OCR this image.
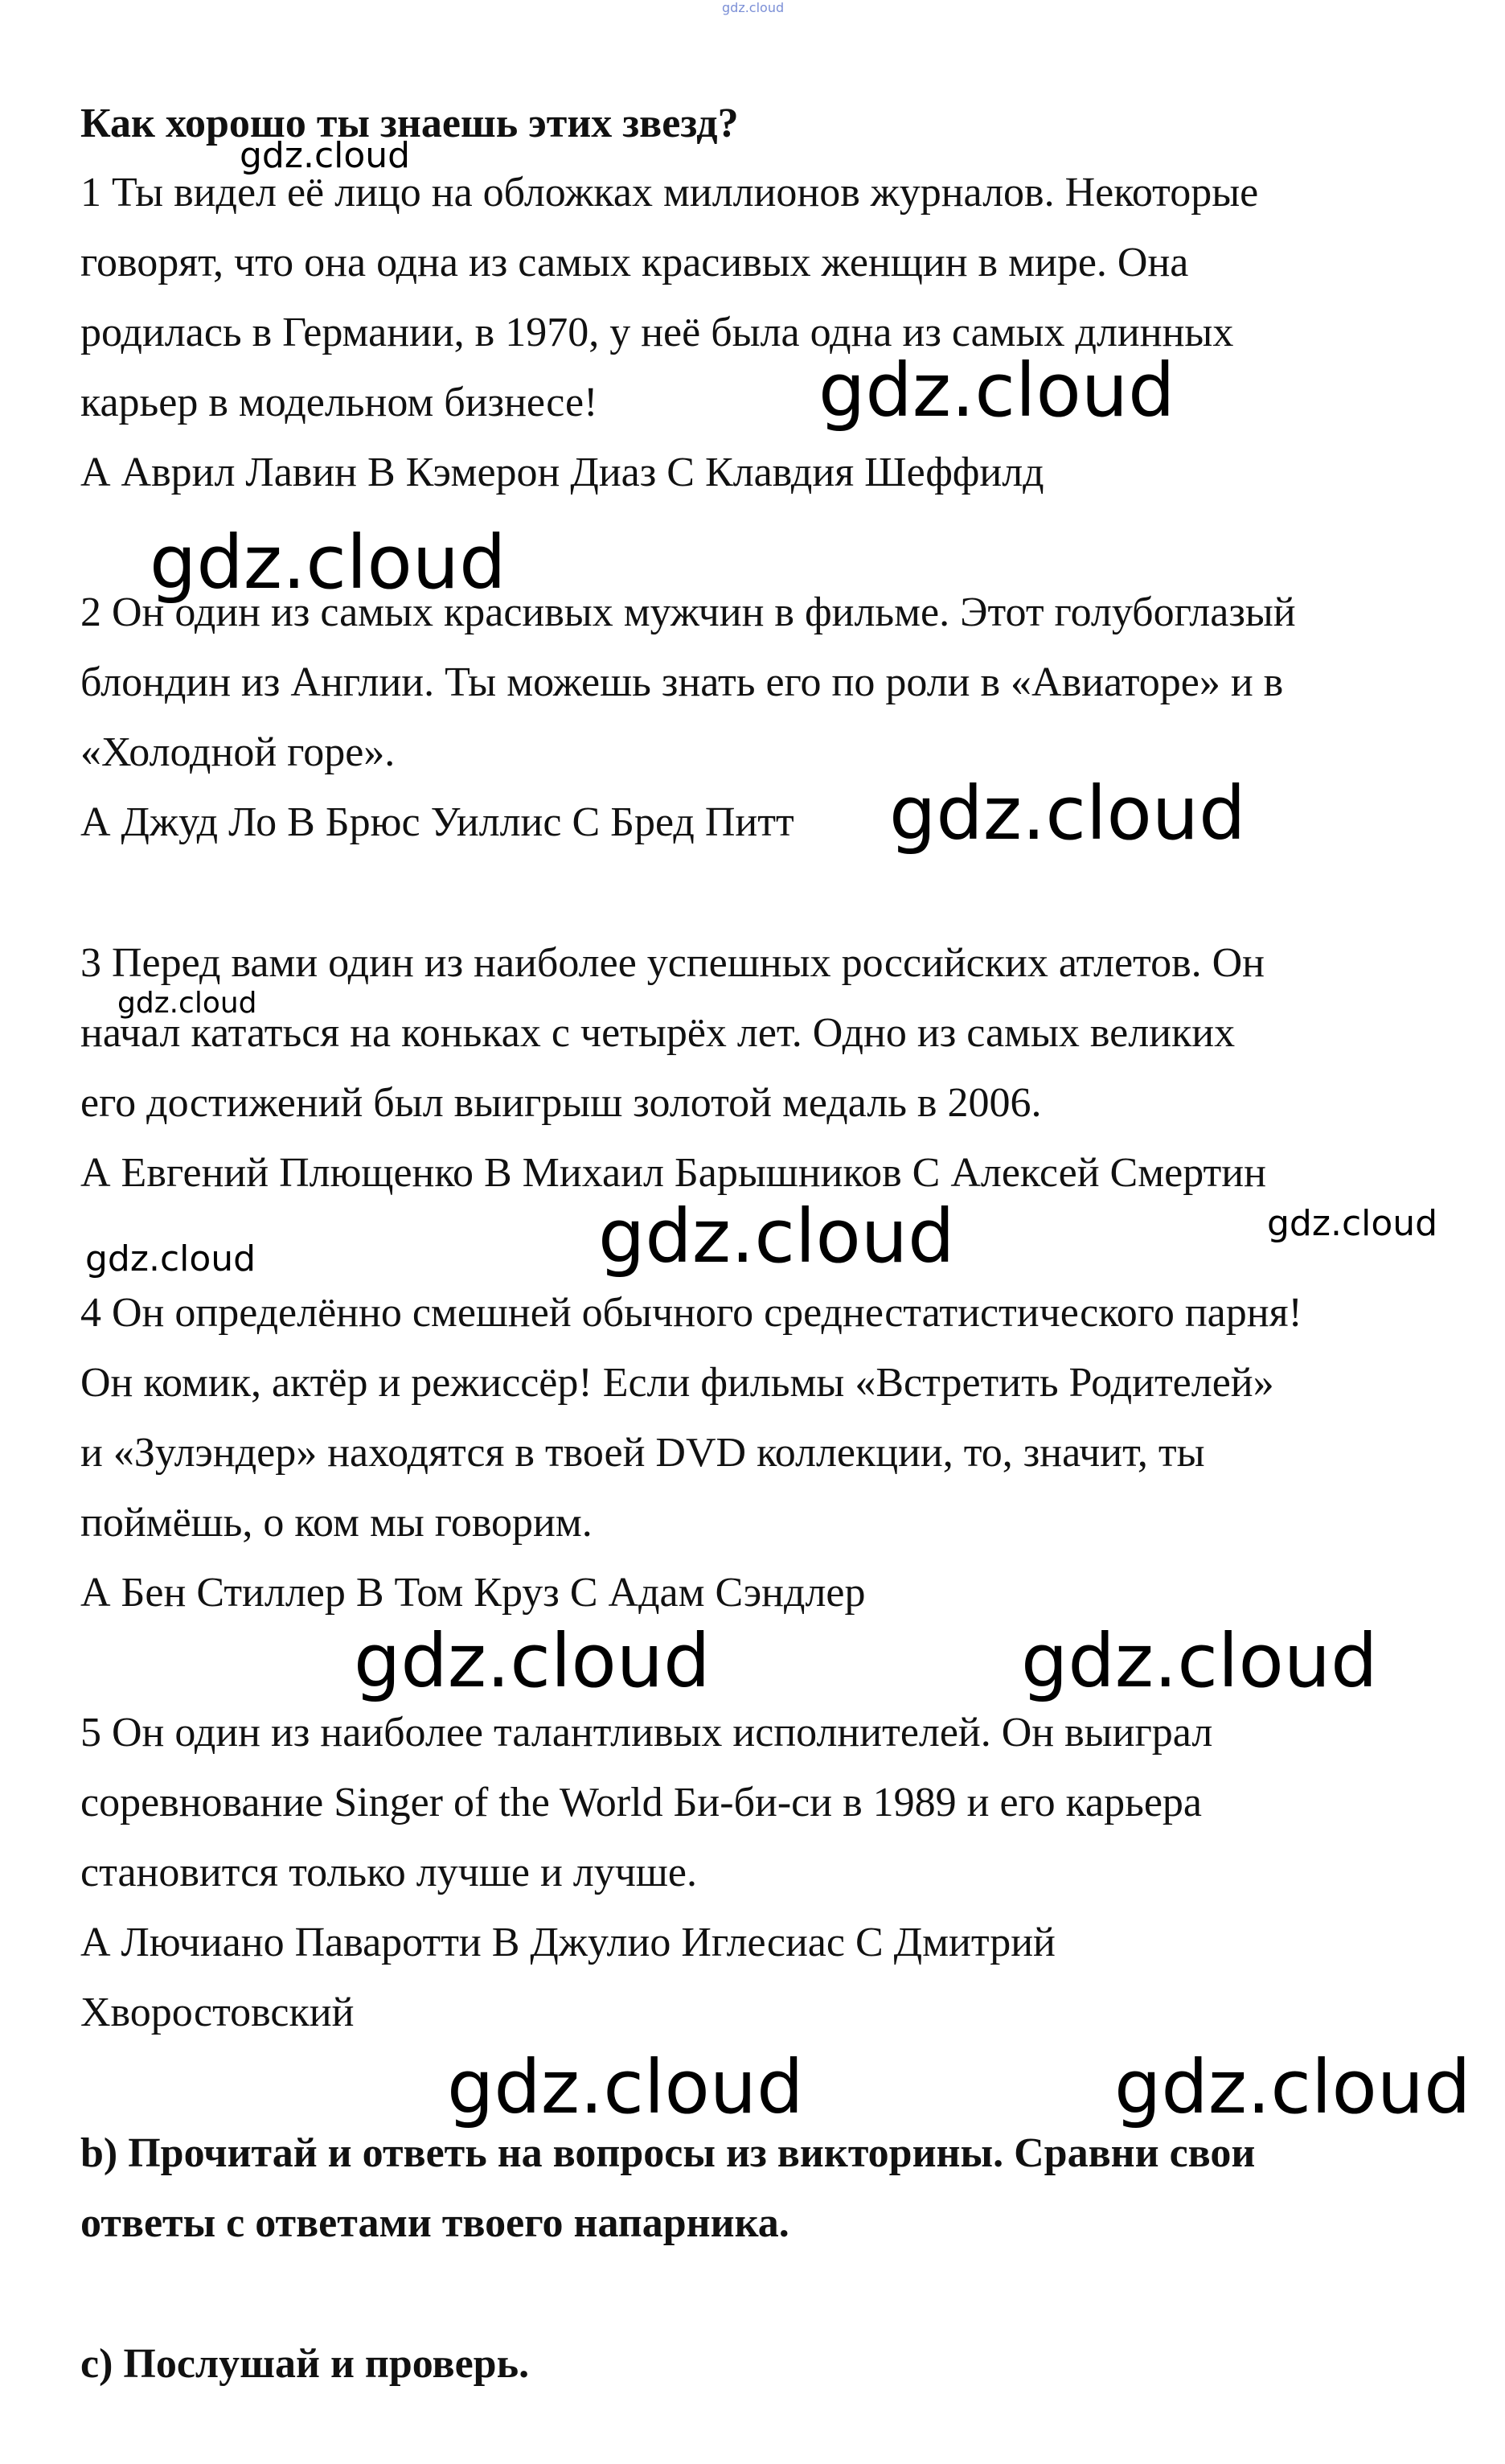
gdz.cloud
Как хорошо ты знаешь этих звезд?
1 Ты видел её лицо на обложках миллионов журналов. Некоторые
говорят, что она одна из самых красивых женщин в мире. Она
родилась в Германии, в 1970, у неё была одна из самых длинных
карьер в модельном бизнесе!
А Аврил Лавин В Кэмерон Диаз С Клавдия Шеффилд
2 Он один из самых красивых мужчин в фильме. Этот голубоглазый
блондин из Англии. Ты можешь знать его по роли в «Авиаторе» и в
«Холодной горе».
А Джуд Ло В Брюс Уиллис С Бред Питт
3 Перед вами один из наиболее успешных российских атлетов. Он
начал кататься на коньках с четырёх лет. Одно из самых великих
его достижений был выигрыш золотой медаль в 2006.
А Евгений Плющенко В Михаил Барышников С Алексей Смертин
4 Он определённо смешней обычного среднестатистического парня!
Он комик, актёр и режиссёр! Если фильмы «Встретить Родителей»
и «Зулэндер» находятся в твоей DVD коллекции, то, значит, ты
поймёшь, о ком мы говорим.
А Бен Стиллер В Том Круз С Адам Сэндлер
5 Он один из наиболее талантливых исполнителей. Он выиграл
соревнование Singer of the World Би-би-си в 1989 и его карьера
становится только лучше и лучше.
А Лючиано Паваротти В Джулио Иглесиас С Дмитрий
Хворостовский
b) Прочитай и ответь на вопросы из викторины. Сравни свои
ответы с ответами твоего напарника.
c) Послушай и проверь.
gdz.cloud
gdz.cloud
gdz.cloud
gdz.cloud
gdz.cloud
gdz.cloud	gdz.cloud
gdz.cloud
gdz.cloud	gdz.cloud
gdz.cloud	gdz.cloud
